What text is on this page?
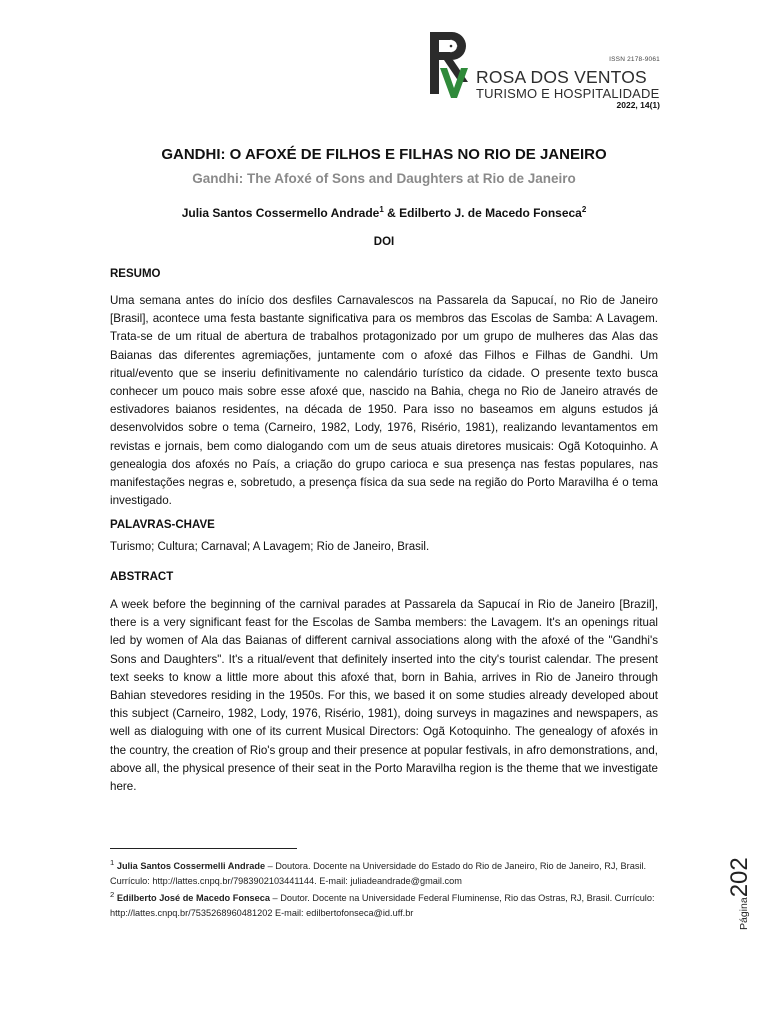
ISSN 2178-9061
ROSA DOS VENTOS
TURISMO E HOSPITALIDADE
2022, 14(1)
GANDHI: O AFOXÉ DE FILHOS E FILHAS NO RIO DE JANEIRO
Gandhi: The Afoxé of Sons and Daughters at Rio de Janeiro
Julia Santos Cossermello Andrade$^1$ & Edilberto J. de Macedo Fonseca$^2$
DOI
RESUMO

Uma semana antes do início dos desfiles Carnavalescos na Passarela da Sapucaí, no Rio de Janeiro [Brasil], acontece uma festa bastante significativa para os membros das Escolas de Samba: A Lavagem. Trata-se de um ritual de abertura de trabalhos protagonizado por um grupo de mulheres das Alas das Baianas das diferentes agremiações, juntamente com o afoxé das Filhos e Filhas de Gandhi. Um ritual/evento que se inseriu definitivamente no calendário turístico da cidade. O presente texto busca conhecer um pouco mais sobre esse afoxé que, nascido na Bahia, chega no Rio de Janeiro através de estivadores baianos residentes, na década de 1950. Para isso no baseamos em alguns estudos já desenvolvidos sobre o tema (Carneiro, 1982, Lody, 1976, Risério, 1981), realizando levantamentos em revistas e jornais, bem como dialogando com um de seus atuais diretores musicais: Ogã Kotoquinho. A genealogia dos afoxés no País, a criação do grupo carioca e sua presença nas festas populares, nas manifestações negras e, sobretudo, a presença física da sua sede na região do Porto Maravilha é o tema investigado.

PALAVRAS-CHAVE

Turismo; Cultura; Carnaval; A Lavagem; Rio de Janeiro, Brasil.

ABSTRACT

A week before the beginning of the carnival parades at Passarela da Sapucaí in Rio de Janeiro [Brazil], there is a very significant feast for the Escolas de Samba members: the Lavagem. It's an openings ritual led by women of Ala das Baianas of different carnival associations along with the afoxé of the "Gandhi's Sons and Daughters". It's a ritual/event that definitely inserted into the city's tourist calendar. The present text seeks to know a little more about this afoxé that, born in Bahia, arrives in Rio de Janeiro through Bahian stevedores residing in the 1950s. For this, we based it on some studies already developed about this subject (Carneiro, 1982, Lody, 1976, Risério, 1981), doing surveys in magazines and newspapers, as well as dialoguing with one of its current Musical Directors: Ogã Kotoquinho. The genealogy of afoxés in the country, the creation of Rio's group and their presence at popular festivals, in afro demonstrations, and, above all, the physical presence of their seat in the Porto Maravilha region is the theme that we investigate here.

$^1$ Julia Santos Cossermelli Andrade – Doutora. Docente na Universidade do Estado do Rio de Janeiro, Rio de Janeiro, RJ, Brasil. Currículo: http://lattes.cnpq.br/7983902103441144. E-mail: juliadeandrade@gmail.com

$^2$ Edilberto José de Macedo Fonseca – Doutor. Docente na Universidade Federal Fluminense, Rio das Ostras, RJ, Brasil. Currículo: http://lattes.cnpq.br/7535268960481202 E-mail: edilbertofonseca@id.uff.br	Página202
